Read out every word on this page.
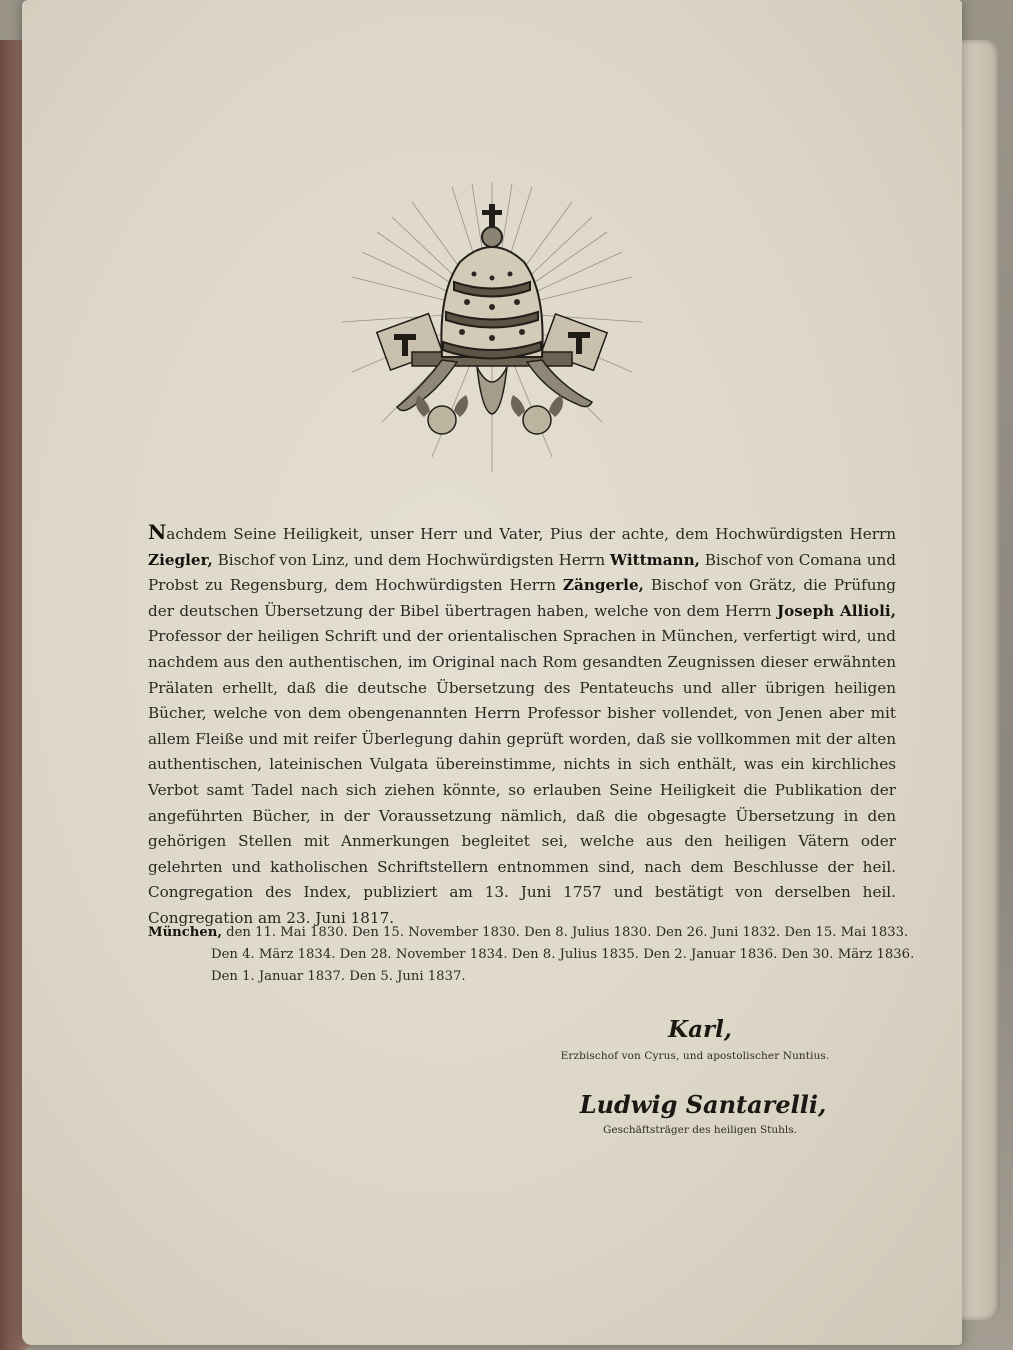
Nachdem Seine Heiligkeit, unser Herr und Vater, Pius der achte, dem Hochwürdigsten Herrn Ziegler, Bischof von Linz, und dem Hochwürdigsten Herrn Wittmann, Bischof von Comana und Probst zu Regensburg, dem Hochwürdigsten Herrn Zängerle, Bischof von Grätz, die Prüfung der deutschen Übersetzung der Bibel übertragen haben, welche von dem Herrn Joseph Allioli, Professor der heiligen Schrift und der orientalischen Sprachen in München, verfertigt wird, und nachdem aus den authentischen, im Original nach Rom gesandten Zeugnissen dieser erwähnten Prälaten erhellt, daß die deutsche Übersetzung des Pentateuchs und aller übrigen heiligen Bücher, welche von dem obengenannten Herrn Professor bisher vollendet, von Jenen aber mit allem Fleiße und mit reifer Überlegung dahin geprüft worden, daß sie vollkommen mit der alten authentischen, lateinischen Vulgata übereinstimme, nichts in sich enthält, was ein kirchliches Verbot samt Tadel nach sich ziehen könnte, so erlauben Seine Heiligkeit die Publikation der angeführten Bücher, in der Voraussetzung nämlich, daß die obgesagte Übersetzung in den gehörigen Stellen mit Anmerkungen begleitet sei, welche aus den heiligen Vätern oder gelehrten und katholischen Schriftstellern entnommen sind, nach dem Beschlusse der heil. Congregation des Index, publiziert am 13. Juni 1757 und bestätigt von derselben heil. Congregation am 23. Juni 1817.
München, den 11. Mai 1830. Den 15. November 1830. Den 8. Julius 1830. Den 26. Juni 1832. Den 15. Mai 1833.
Den 4. März 1834. Den 28. November 1834. Den 8. Julius 1835. Den 2. Januar 1836. Den 30. März 1836.
Den 1. Januar 1837. Den 5. Juni 1837.
Karl,
Erzbischof von Cyrus, und apostolischer Nuntius.
Ludwig Santarelli,
Geschäftsträger des heiligen Stuhls.
